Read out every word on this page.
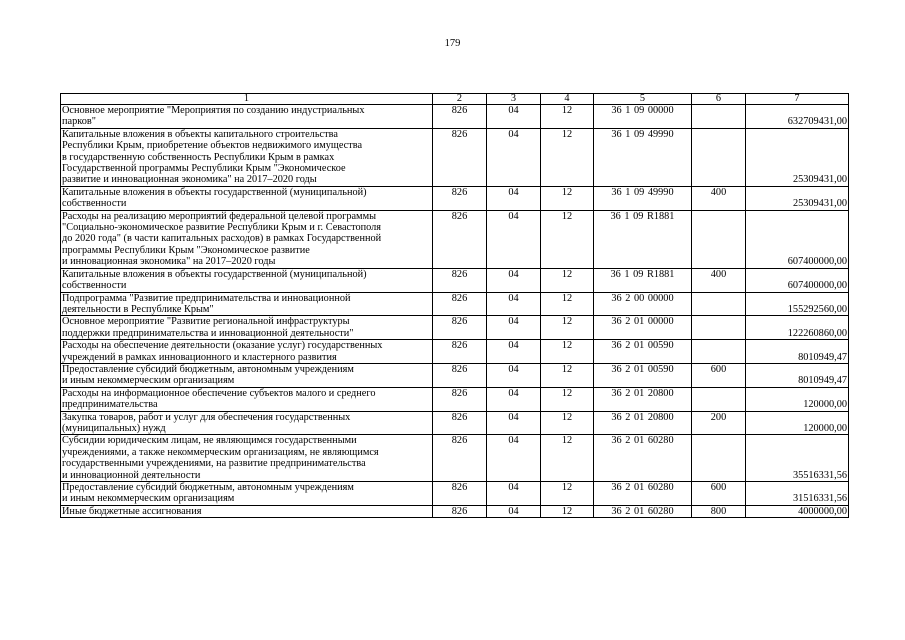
179
1	2	3	4	5	6	7

Основное мероприятие "Мероприятия по созданию индустриальных
парков"	826	04	12	36 1 09 00000		632709431,00

Капитальные вложения в объекты капитального строительства
Республики Крым, приобретение объектов недвижимого имущества
в государственную собственность Республики Крым в рамках
Государственной программы Республики Крым "Экономическое
развитие и инновационная экономика" на 2017–2020 годы	826	04	12	36 1 09 49990		25309431,00

Капитальные вложения в объекты государственной (муниципальной)
собственности	826	04	12	36 1 09 49990	400	25309431,00

Расходы на реализацию мероприятий федеральной целевой программы
"Социально-экономическое развитие Республики Крым и г. Севастополя
до 2020 года" (в части капитальных расходов) в рамках Государственной
программы Республики Крым "Экономическое развитие
и инновационная экономика" на 2017–2020 годы	826	04	12	36 1 09 R1881		607400000,00

Капитальные вложения в объекты государственной (муниципальной)
собственности	826	04	12	36 1 09 R1881	400	607400000,00

Подпрограмма "Развитие предпринимательства и инновационной
деятельности в Республике Крым"	826	04	12	36 2 00 00000		155292560,00

Основное мероприятие "Развитие региональной инфраструктуры
поддержки предпринимательства и инновационной деятельности"	826	04	12	36 2 01 00000		122260860,00

Расходы на обеспечение деятельности (оказание услуг) государственных
учреждений в рамках инновационного и кластерного развития	826	04	12	36 2 01 00590		8010949,47

Предоставление субсидий бюджетным, автономным учреждениям
и иным некоммерческим организациям	826	04	12	36 2 01 00590	600	8010949,47

Расходы на информационное обеспечение субъектов малого и среднего
предпринимательства	826	04	12	36 2 01 20800		120000,00

Закупка товаров, работ и услуг для обеспечения государственных
(муниципальных) нужд	826	04	12	36 2 01 20800	200	120000,00

Субсидии юридическим лицам, не являющимся государственными
учреждениями, а также некоммерческим организациям, не являющимся
государственными учреждениями, на развитие предпринимательства
и инновационной деятельности	826	04	12	36 2 01 60280		35516331,56

Предоставление субсидий бюджетным, автономным учреждениям
и иным некоммерческим организациям	826	04	12	36 2 01 60280	600	31516331,56

Иные бюджетные ассигнования	826	04	12	36 2 01 60280	800	4000000,00
